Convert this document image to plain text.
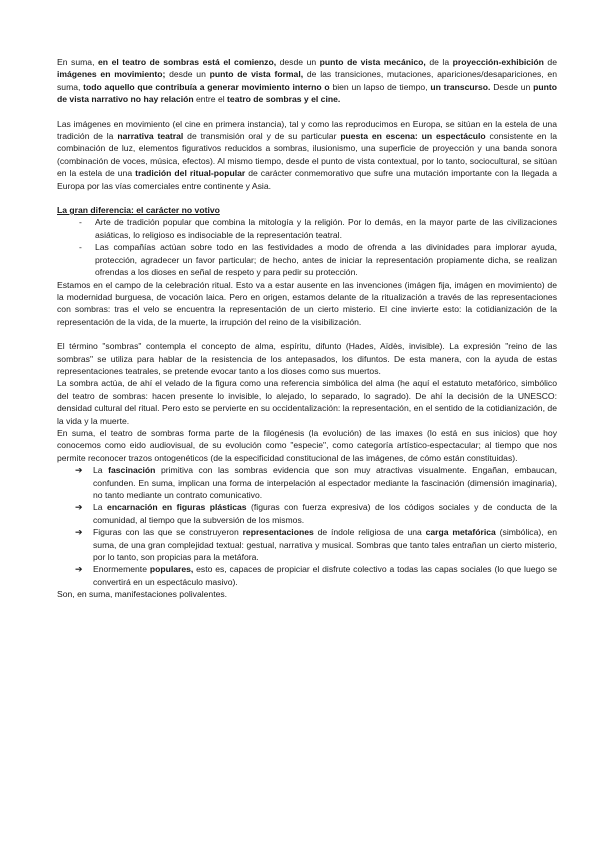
En suma, en el teatro de sombras está el comienzo, desde un punto de vista mecánico, de la proyección-exhibición de imágenes en movimiento; desde un punto de vista formal, de las transiciones, mutaciones, apariciones/desapariciones, en suma, todo aquello que contribuía a generar movimiento interno o bien un lapso de tiempo, un transcurso. Desde un punto de vista narrativo no hay relación entre el teatro de sombras y el cine.

Las imágenes en movimiento (el cine en primera instancia), tal y como las reproducimos en Europa, se sitúan en la estela de una tradición de la narrativa teatral de transmisión oral y de su particular puesta en escena: un espectáculo consistente en la combinación de luz, elementos figurativos reducidos a sombras, ilusionismo, una superficie de proyección y una banda sonora (combinación de voces, música, efectos). Al mismo tiempo, desde el punto de vista contextual, por lo tanto, sociocultural, se sitúan en la estela de una tradición del ritual-popular de carácter conmemorativo que sufre una mutación importante con la llegada a Europa por las vías comerciales entre continente y Asia.

La gran diferencia: el carácter no votivo

- Arte de tradición popular que combina la mitología y la religión. Por lo demás, en la mayor parte de las civilizaciones asiáticas, lo religioso es indisociable de la representación teatral.
- Las compañías actúan sobre todo en las festividades a modo de ofrenda a las divinidades para implorar ayuda, protección, agradecer un favor particular; de hecho, antes de iniciar la representación propiamente dicha, se realizan ofrendas a los dioses en señal de respeto y para pedir su protección.

Estamos en el campo de la celebración ritual. Esto va a estar ausente en las invenciones (imágen fija, imágen en movimiento) de la modernidad burguesa, de vocación laica. Pero en origen, estamos delante de la ritualización a través de las representaciones con sombras: tras el velo se encuentra la representación de un cierto misterio. El cine invierte esto: la cotidianización de la representación de la vida, de la muerte, la irrupción del reino de la visibilización.

El término "sombras" contempla el concepto de alma, espíritu, difunto (Hades, Aïdès, invisible). La expresión "reino de las sombras" se utiliza para hablar de la resistencia de los antepasados, los difuntos. De esta manera, con la ayuda de estas representaciones teatrales, se pretende evocar tanto a los dioses como sus muertos.

La sombra actúa, de ahí el velado de la figura como una referencia simbólica del alma (he aquí el estatuto metafórico, simbólico del teatro de sombras: hacen presente lo invisible, lo alejado, lo separado, lo sagrado). De ahí la decisión de la UNESCO: densidad cultural del ritual. Pero esto se pervierte en su occidentalización: la representación, en el sentido de la cotidianización, de la vida y la muerte.

En suma, el teatro de sombras forma parte de la filogénesis (la evolución) de las imaxes (lo está en sus inicios) que hoy conocemos como eido audiovisual, de su evolución como "especie", como categoría artístico-espectacular; al tiempo que nos permite reconocer trazos ontogenéticos (de la especificidad constitucional de las imágenes, de cómo están constituidas).

➔ La fascinación primitiva con las sombras evidencia que son muy atractivas visualmente. Engañan, embaucan, confunden. En suma, implican una forma de interpelación al espectador mediante la fascinación (dimensión imaginaria), no tanto mediante un contrato comunicativo.
➔ La encarnación en figuras plásticas (figuras con fuerza expresiva) de los códigos sociales y de conducta de la comunidad, al tiempo que la subversión de los mismos.
➔ Figuras con las que se construyeron representaciones de índole religiosa de una carga metafórica (simbólica), en suma, de una gran complejidad textual: gestual, narrativa y musical. Sombras que tanto tales entrañan un cierto misterio, por lo tanto, son propicias para la metáfora.
➔ Enormemente populares, esto es, capaces de propiciar el disfrute colectivo a todas las capas sociales (lo que luego se convertirá en un espectáculo masivo).

Son, en suma, manifestaciones polivalentes.
